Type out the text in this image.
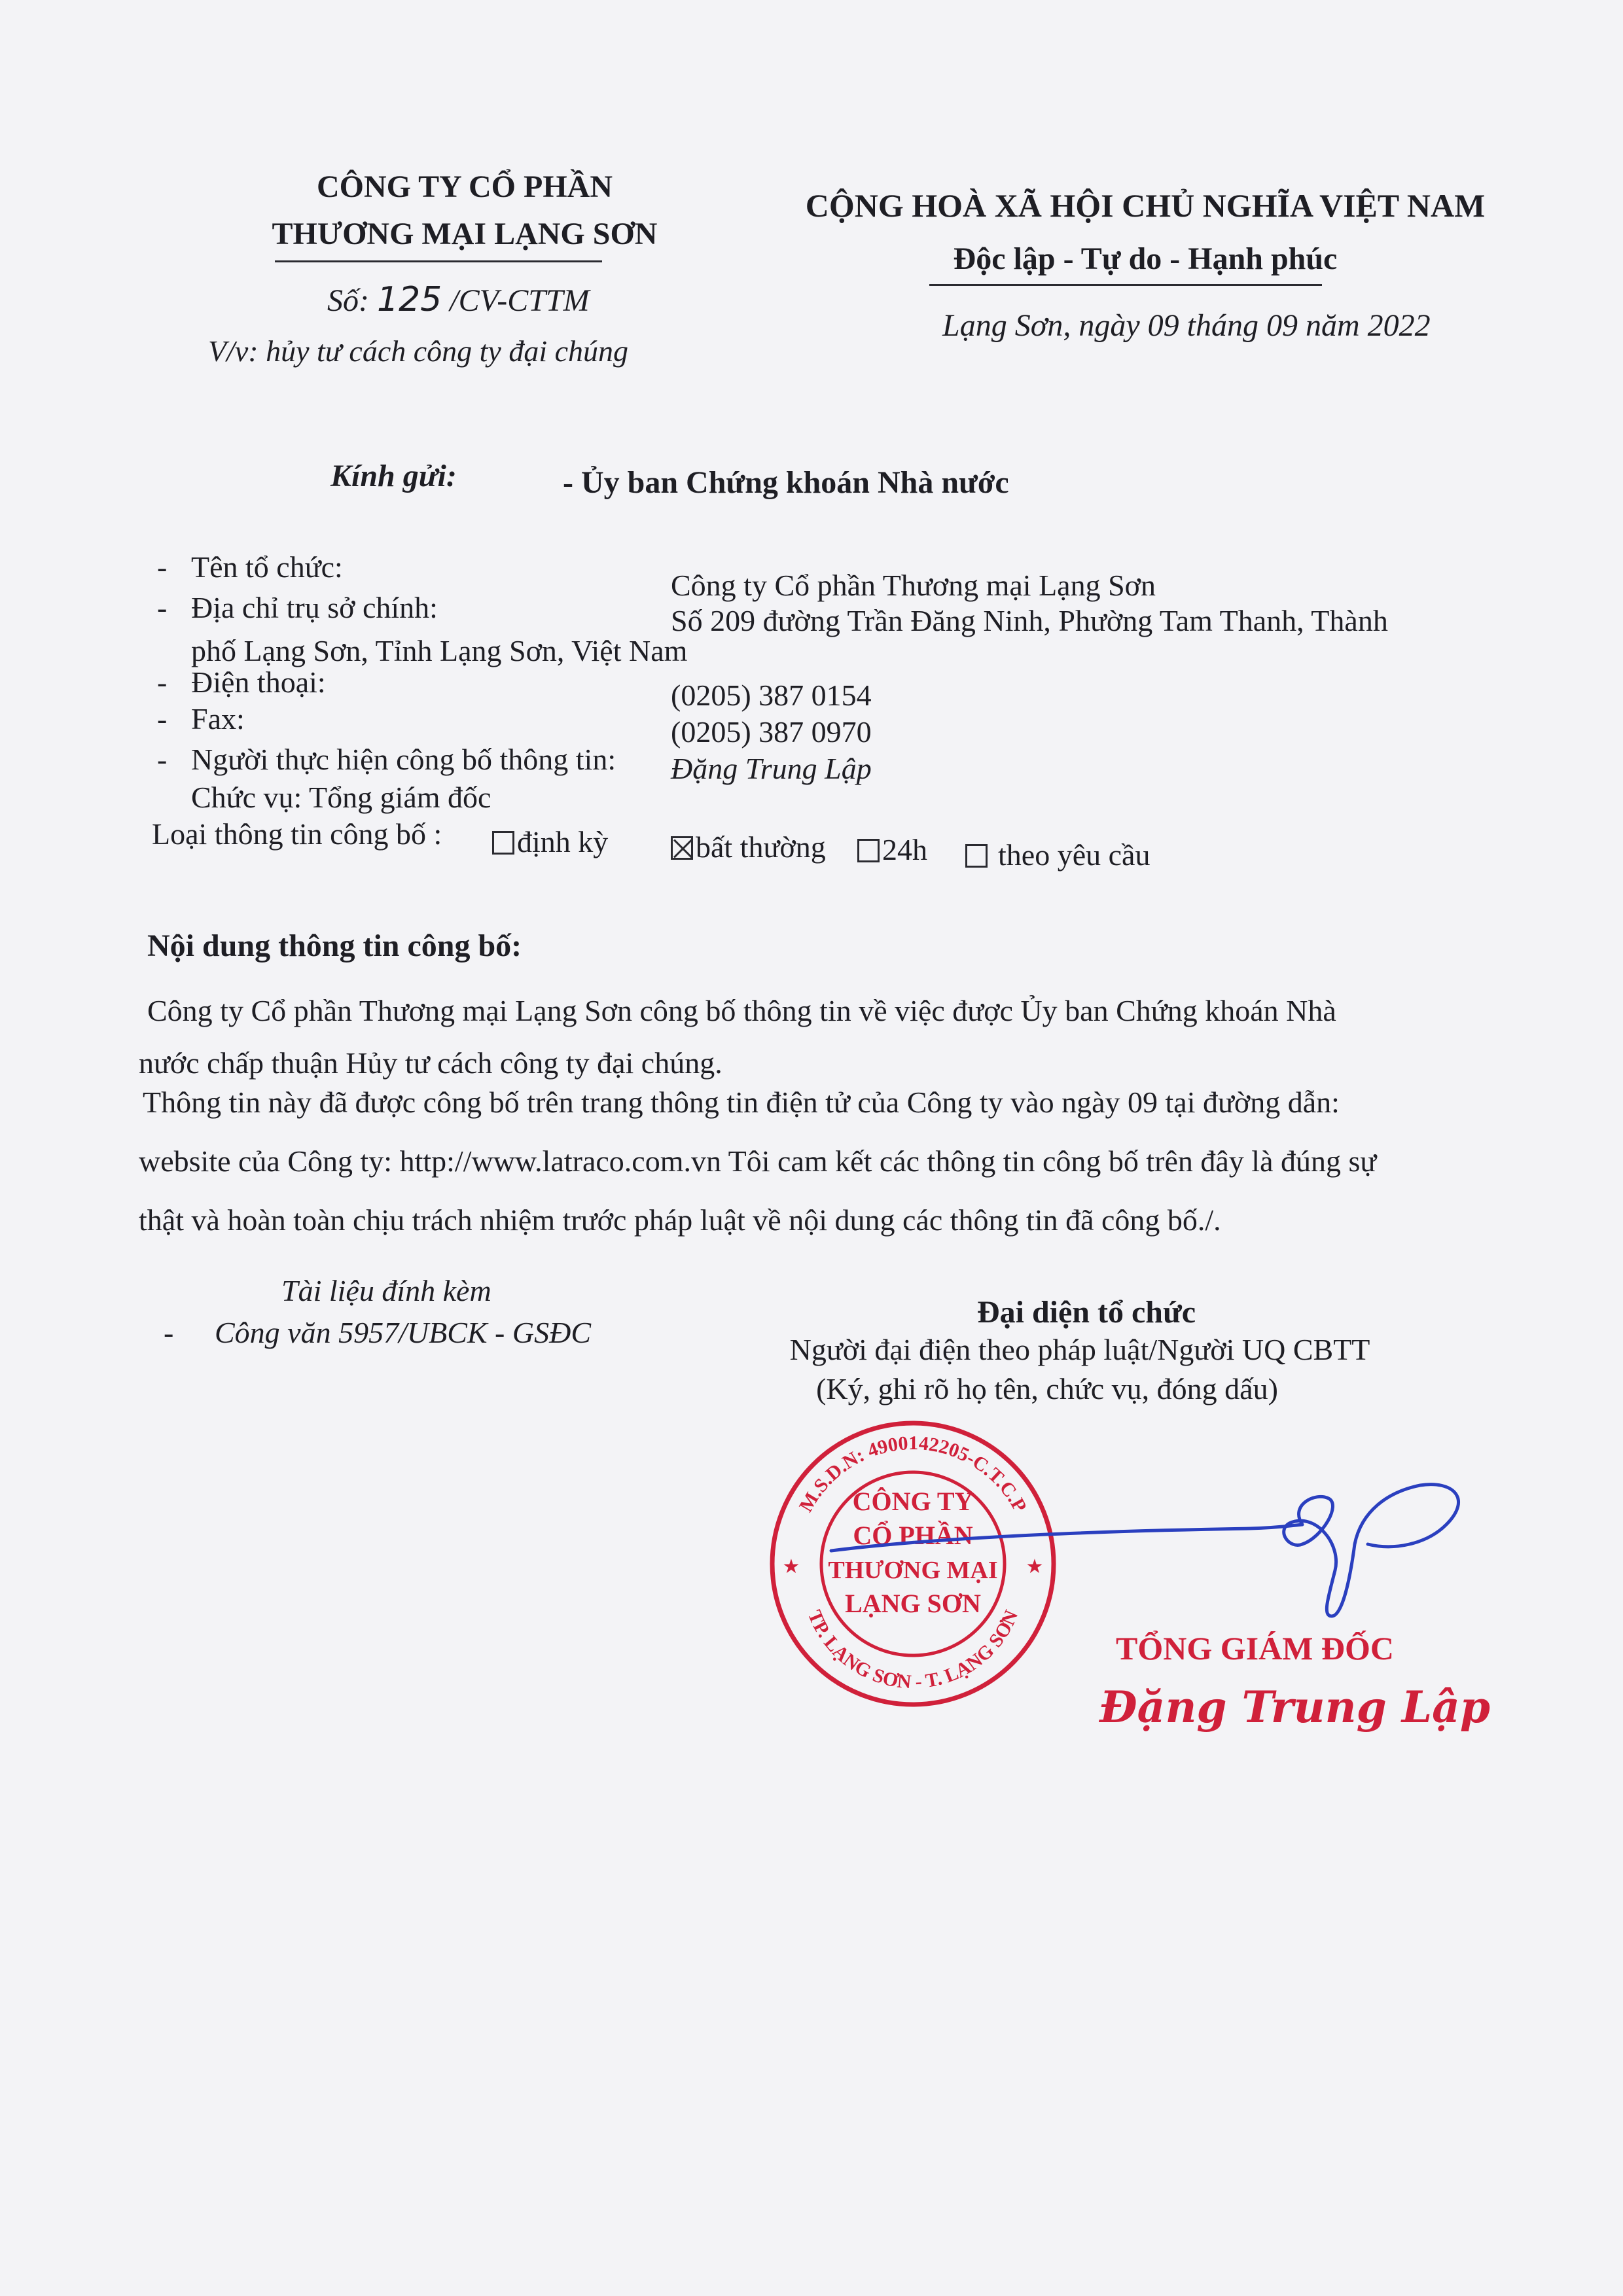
CÔNG TY CỔ PHẦN
THƯƠNG MẠI LẠNG SƠN
Số: 125 /CV-CTTM
V/v: hủy tư cách công ty đại chúng
CỘNG HOÀ XÃ HỘI CHỦ NGHĨA VIỆT NAM
Độc lập - Tự do - Hạnh phúc
Lạng Sơn, ngày 09 tháng 09 năm 2022
Kính gửi:	- Ủy ban Chứng khoán Nhà nước
- Tên tổ chức:
Công ty Cổ phần Thương mại Lạng Sơn
- Địa chỉ trụ sở chính:	Số 209 đường Trần Đăng Ninh, Phường Tam Thanh, Thành
phố Lạng Sơn, Tỉnh Lạng Sơn, Việt Nam
- Điện thoại:	(0205) 387 0154
- Fax:	(0205) 387 0970
- Người thực hiện công bố thông tin: Đặng Trung Lập
Chức vụ: Tổng giám đốc
Loại thông tin công bố :	định kỳ	bất thường	24h	theo yêu cầu
Nội dung thông tin công bố:
Công ty Cổ phần Thương mại Lạng Sơn công bố thông tin về việc được Ủy ban Chứng khoán Nhà
nước chấp thuận Hủy tư cách công ty đại chúng.
Thông tin này đã được công bố trên trang thông tin điện tử của Công ty vào ngày 09 tại đường dẫn:
website của Công ty: http://www.latraco.com.vn Tôi cam kết các thông tin công bố trên đây là đúng sự
thật và hoàn toàn chịu trách nhiệm trước pháp luật về nội dung các thông tin đã công bố./.
Tài liệu đính kèm
- Công văn 5957/UBCK - GSĐC
Đại diện tổ chức
Người đại điện theo pháp luật/Người UQ CBTT
(Ký, ghi rõ họ tên, chức vụ, đóng dấu)
M.S.D.N: 4900142205-C.T.C.P
TP. LẠNG SƠN - T. LẠNG SƠN
CÔNG TY
CỔ PHẦN
THƯƠNG MẠI
LẠNG SƠN
★	★
TỔNG GIÁM ĐỐC
Đặng Trung Lập
